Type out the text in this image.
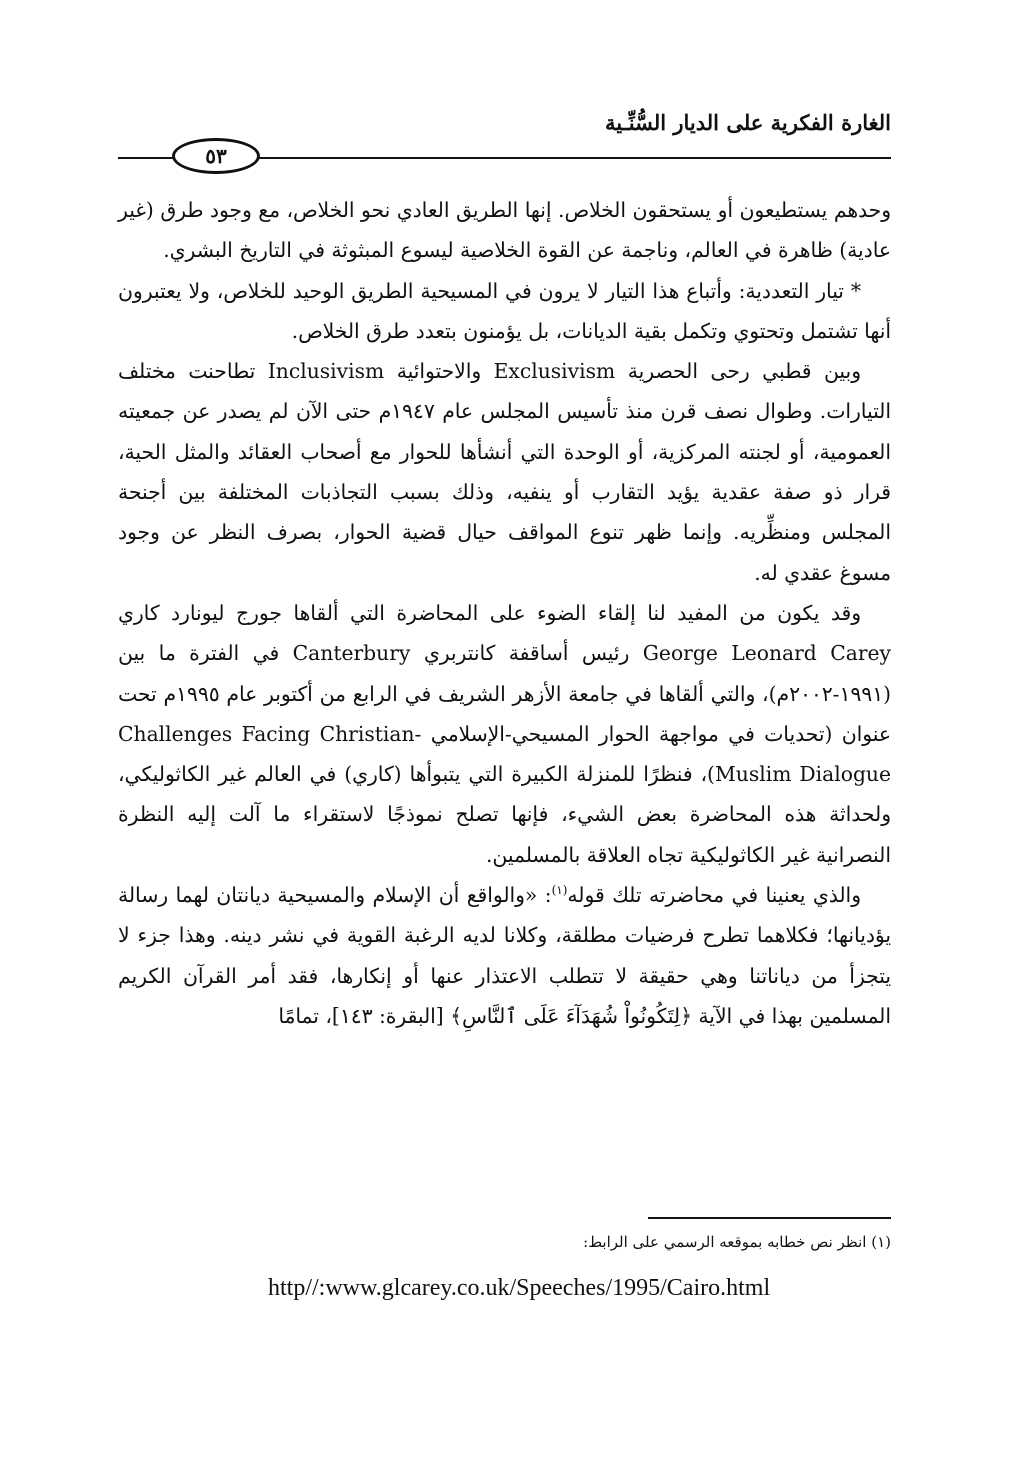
الغارة الفكرية على الديار السُّنِّـية
٥٣

وحدهم يستطيعون أو يستحقون الخلاص. إنها الطريق العادي نحو الخلاص، مع وجود طرق (غير عادية) ظاهرة في العالم، وناجمة عن القوة الخلاصية ليسوع المبثوثة في التاريخ البشري.

* تيار التعددية: وأتباع هذا التيار لا يرون في المسيحية الطريق الوحيد للخلاص، ولا يعتبرون أنها تشتمل وتحتوي وتكمل بقية الديانات، بل يؤمنون بتعدد طرق الخلاص.

وبين قطبي رحى الحصرية Exclusivism والاحتوائية Inclusivism تطاحنت مختلف التيارات. وطوال نصف قرن منذ تأسيس المجلس عام ١٩٤٧م حتى الآن لم يصدر عن جمعيته العمومية، أو لجنته المركزية، أو الوحدة التي أنشأها للحوار مع أصحاب العقائد والمثل الحية، قرار ذو صفة عقدية يؤيد التقارب أو ينفيه، وذلك بسبب التجاذبات المختلفة بين أجنحة المجلس ومنظِّريه. وإنما ظهر تنوع المواقف حيال قضية الحوار، بصرف النظر عن وجود مسوغ عقدي له.

وقد يكون من المفيد لنا إلقاء الضوء على المحاضرة التي ألقاها جورج ليونارد كاري George Leonard Carey رئيس أساقفة كانتربري Canterbury في الفترة ما بين (١٩٩١-٢٠٠٢م)، والتي ألقاها في جامعة الأزهر الشريف في الرابع من أكتوبر عام ١٩٩٥م تحت عنوان (تحديات في مواجهة الحوار المسيحي-الإسلامي Challenges Facing Christian-Muslim Dialogue)، فنظرًا للمنزلة الكبيرة التي يتبوأها (كاري) في العالم غير الكاثوليكي، ولحداثة هذه المحاضرة بعض الشيء، فإنها تصلح نموذجًا لاستقراء ما آلت إليه النظرة النصرانية غير الكاثوليكية تجاه العلاقة بالمسلمين.

والذي يعنينا في محاضرته تلك قوله$^{(١)}$: «والواقع أن الإسلام والمسيحية ديانتان لهما رسالة يؤديانها؛ فكلاهما تطرح فرضيات مطلقة، وكلانا لديه الرغبة القوية في نشر دينه. وهذا جزء لا يتجزأ من دياناتنا وهي حقيقة لا تتطلب الاعتذار عنها أو إنكارها، فقد أمر القرآن الكريم المسلمين بهذا في الآية ﴿لِتَكُونُواْ شُهَدَآءَ عَلَى ٱلنَّاسِ﴾ [البقرة: ١٤٣]، تمامًا

(١) انظر نص خطابه بموقعه الرسمي على الرابط:
http//:www.glcarey.co.uk/Speeches/1995/Cairo.html
